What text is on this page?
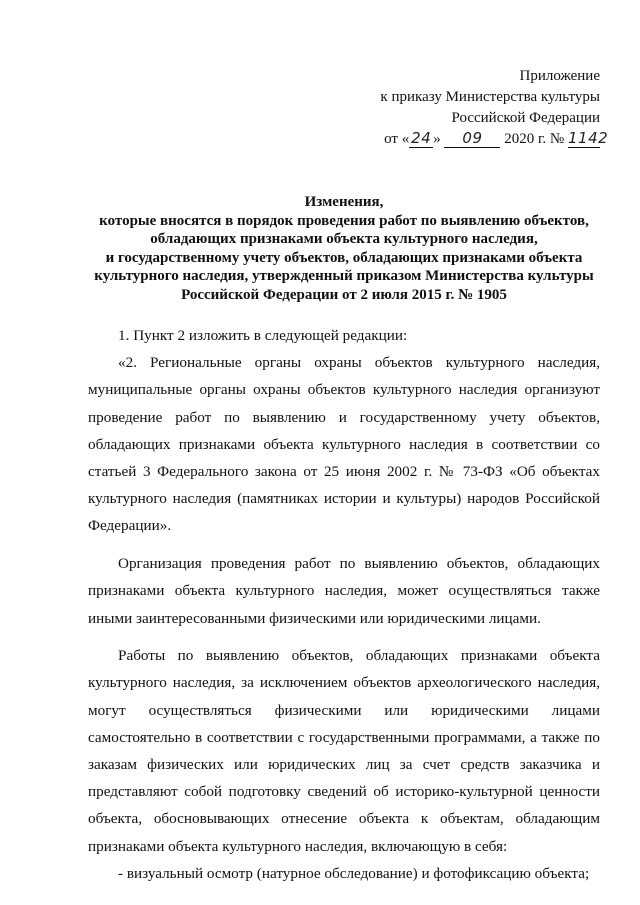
Приложение
к приказу Министерства культуры
Российской Федерации
от « 24 » 09 2020 г. № 1142
Изменения,
которые вносятся в порядок проведения работ по выявлению объектов,
обладающих признаками объекта культурного наследия,
и государственному учету объектов, обладающих признаками объекта
культурного наследия, утвержденный приказом Министерства культуры
Российской Федерации от 2 июля 2015 г. № 1905

1. Пункт 2 изложить в следующей редакции:

«2. Региональные органы охраны объектов культурного наследия, муниципальные органы охраны объектов культурного наследия организуют проведение работ по выявлению и государственному учету объектов, обладающих признаками объекта культурного наследия в соответствии со статьей 3 Федерального закона от 25 июня 2002 г. № 73-ФЗ «Об объектах культурного наследия (памятниках истории и культуры) народов Российской Федерации».

Организация проведения работ по выявлению объектов, обладающих признаками объекта культурного наследия, может осуществляться также иными заинтересованными физическими или юридическими лицами.

Работы по выявлению объектов, обладающих признаками объекта культурного наследия, за исключением объектов археологического наследия, могут осуществляться физическими или юридическими лицами самостоятельно в соответствии с государственными программами, а также по заказам физических или юридических лиц за счет средств заказчика и представляют собой подготовку сведений об историко-культурной ценности объекта, обосновывающих отнесение объекта к объектам, обладающим признаками объекта культурного наследия, включающую в себя:

- визуальный осмотр (натурное обследование) и фотофиксацию объекта;
